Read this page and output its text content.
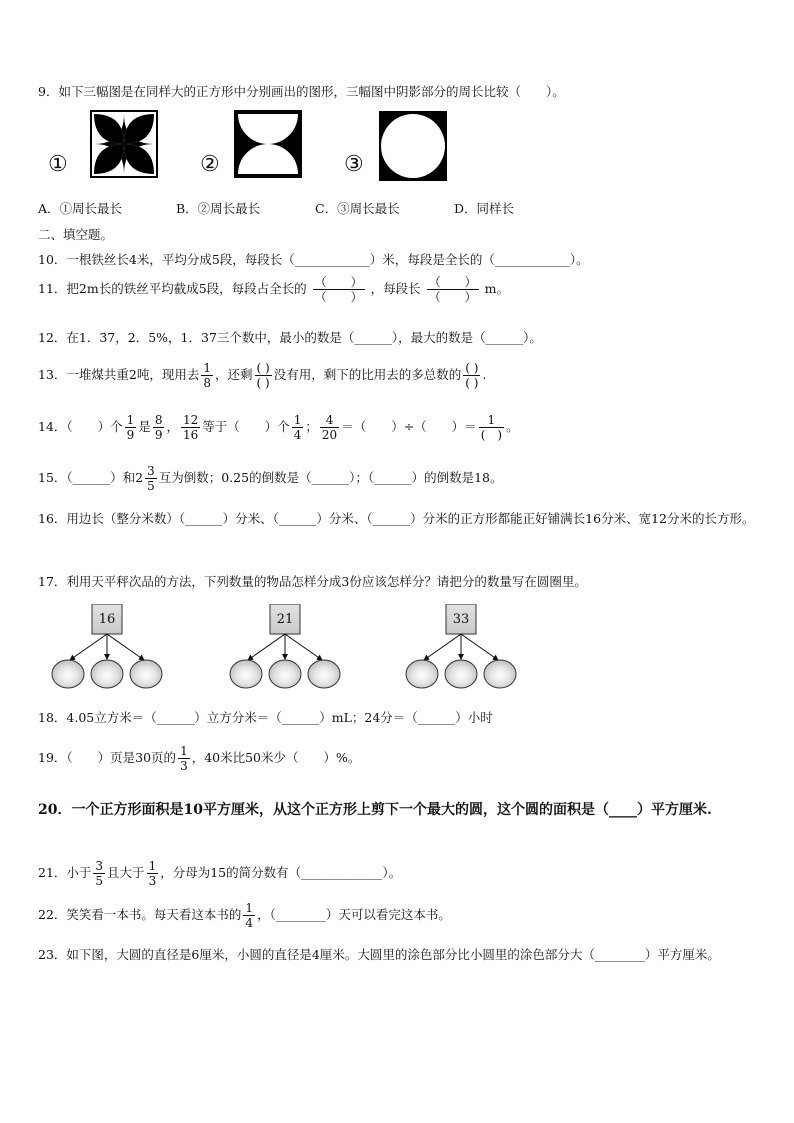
9．如下三幅图是在同样大的正方形中分别画出的图形，三幅图中阴影部分的周长比较（　　）。
①	②	③
A．①周长最长	B．②周长最长	C．③周长最长	D．同样长
二、填空题。
10．一根铁丝长4米，平均分成5段，每段长（____________）米，每段是全长的（____________）。
11．把2m长的铁丝平均截成5段，每段占全长的 $\frac{( )}{( )}$ ，每段长 $\frac{( )}{( )}$ m。
12．在1．3̇7̇，2．5%，1．37三个数中，最小的数是（______），最大的数是（______）。
13．一堆煤共重2吨，现用去 $\frac{1}{8}$ ，还剩 $\frac{( )}{( )}$ 没有用，剩下的比用去的多总数的 $\frac{( )}{( )}$ .
14．（　　）个 $\frac{1}{9}$ 是 $\frac{8}{9}$ ， $\frac{12}{16}$ 等于（　　）个 $\frac{1}{4}$ ； $\frac{4}{20}$ ＝（　　）÷（　　）＝ $\frac{1}{( )}$ 。
15．（______）和$2 \frac{3}{5}$ 互为倒数；0.25的倒数是（______）；（______）的倒数是18。
16．用边长（整分米数）（______）分米、（______）分米、（______）分米的正方形都能正好铺满长16分米、宽12分米的长方形。
17．利用天平秤次品的方法，下列数量的物品怎样分成3份应该怎样分？请把分的数量写在圆圈里。
16	21	33
18．4.05立方米＝（______）立方分米＝（______）mL；24分＝（______）小时
19．（　　）页是30页的 $\frac{1}{3}$ ，40米比50米少（　　）%。
20．一个正方形面积是10平方厘米，从这个正方形上剪下一个最大的圆，这个圆的面积是（____）平方厘米.
21．小于 $\frac{3}{5}$ 且大于 $\frac{1}{3}$ ，分母为15的简分数有（_____________）。
22．笑笑看一本书。每天看这本书的 $\frac{1}{4}$ ，（________）天可以看完这本书。
23．如下图，大圆的直径是6厘米，小圆的直径是4厘米。大圆里的涂色部分比小圆里的涂色部分大（________）平方厘米。
